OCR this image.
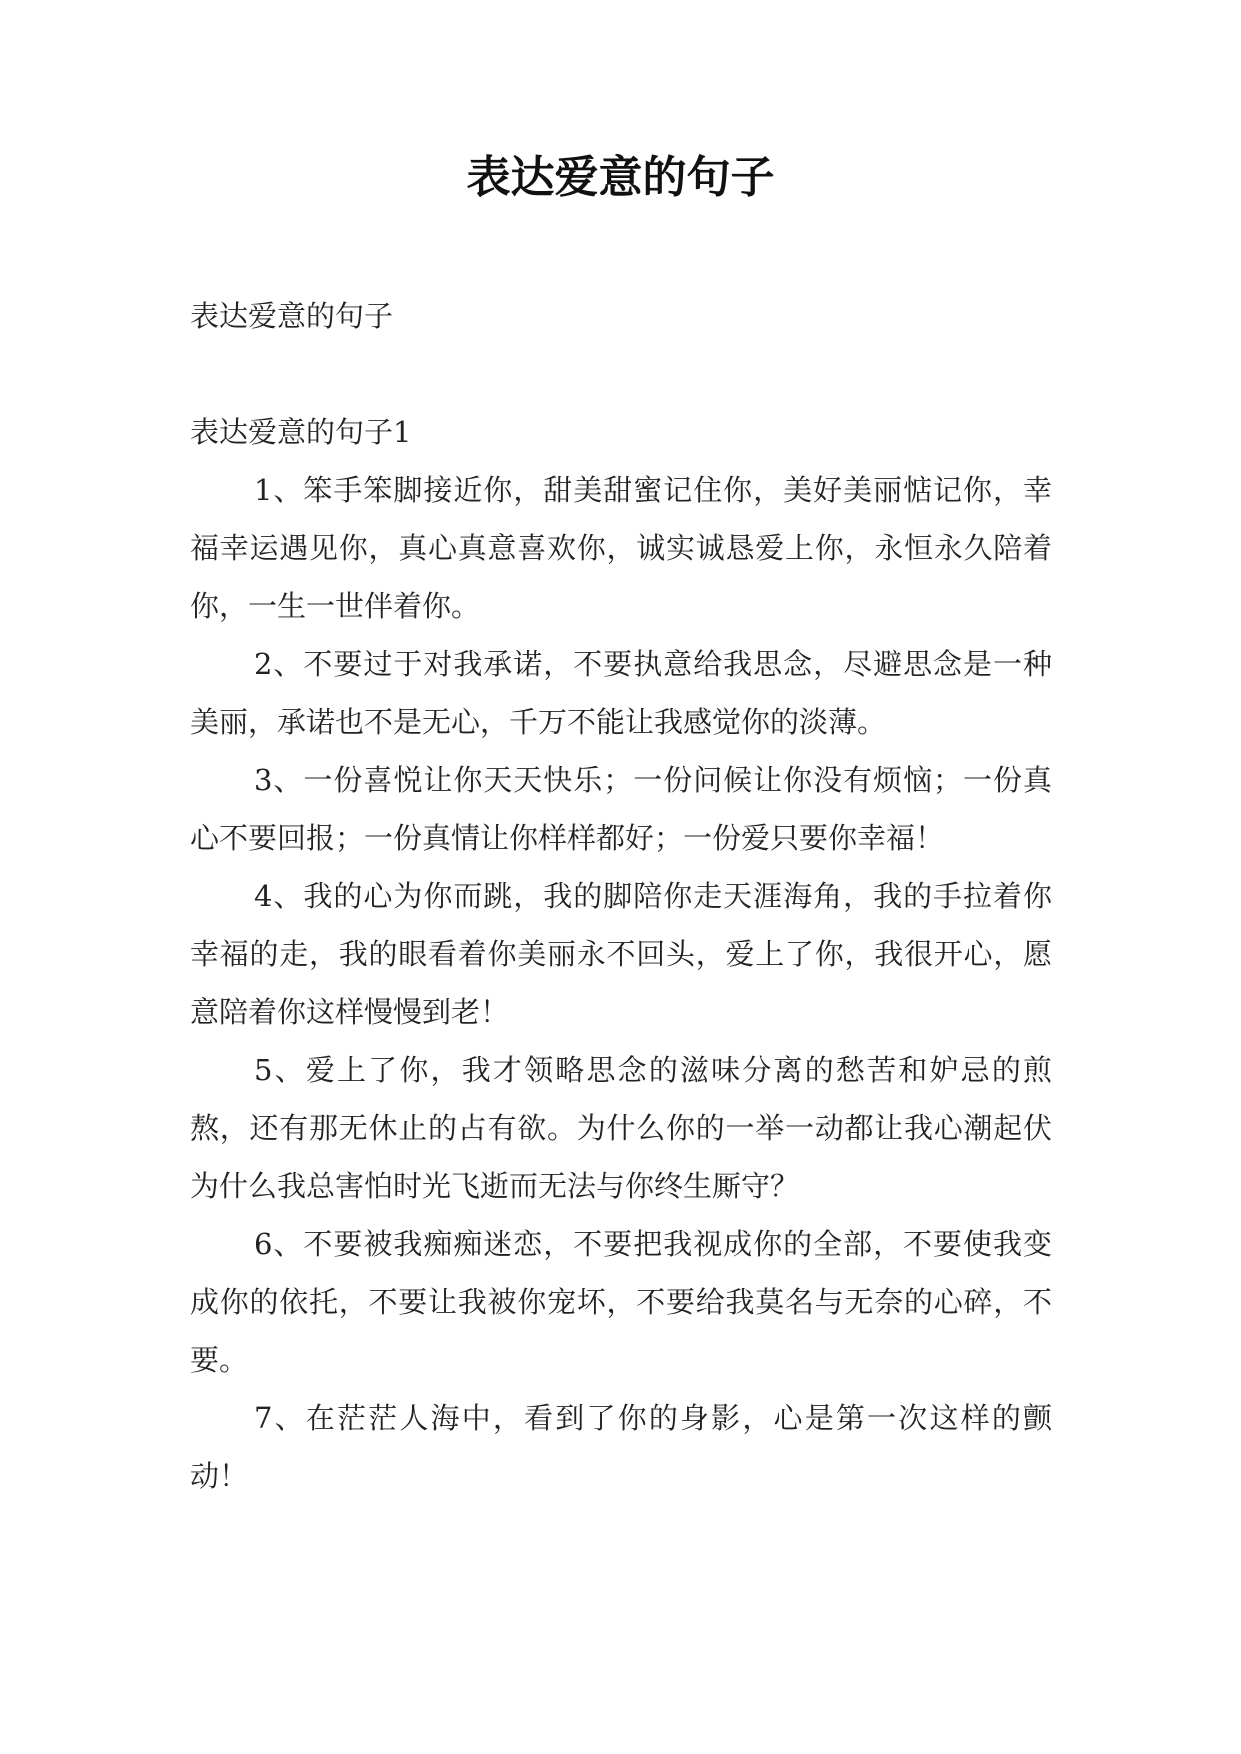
表达爱意的句子

表达爱意的句子

表达爱意的句子1

1、笨手笨脚接近你，甜美甜蜜记住你，美好美丽惦记你，幸福幸运遇见你，真心真意喜欢你，诚实诚恳爱上你，永恒永久陪着你，一生一世伴着你。

2、不要过于对我承诺，不要执意给我思念，尽避思念是一种美丽，承诺也不是无心，千万不能让我感觉你的淡薄。

3、一份喜悦让你天天快乐；一份问候让你没有烦恼；一份真心不要回报；一份真情让你样样都好；一份爱只要你幸福！

4、我的心为你而跳，我的脚陪你走天涯海角，我的手拉着你幸福的走，我的眼看着你美丽永不回头，爱上了你，我很开心，愿意陪着你这样慢慢到老！

5、爱上了你，我才领略思念的滋味分离的愁苦和妒忌的煎熬，还有那无休止的占有欲。为什么你的一举一动都让我心潮起伏为什么我总害怕时光飞逝而无法与你终生厮守？

6、不要被我痴痴迷恋，不要把我视成你的全部，不要使我变成你的依托，不要让我被你宠坏，不要给我莫名与无奈的心碎，不要。

7、在茫茫人海中，看到了你的身影，心是第一次这样的颤动！
